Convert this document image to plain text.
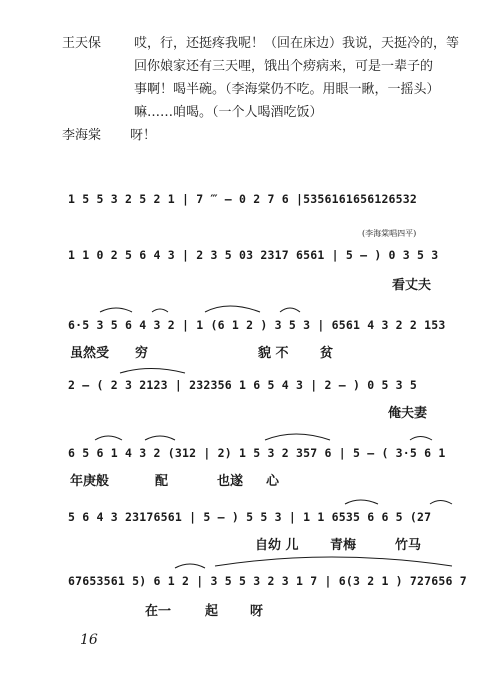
王天保	哎，行，还挺疼我呢！（回在床边）我说，天挺冷的，等
回你娘家还有三天哩，饿出个痨病来，可是一辈子的
事啊！喝半碗。（李海棠仍不吃。用眼一瞅，一摇头）
嘛……咱喝。（一个人喝酒吃饭）
李海棠 呀！
1 5 5 3 2 5 2 1 | 7 ‴ — 0 2 7 6 |5356161656126532
(李海棠唱四平)
1 1 0 2 5 6 4 3 | 2 3 5 03 2317 6561 | 5 — ) 0 3 5 3
看丈夫
6·5 3 5 6 4 3 2 | 1 (6 1 2 ) 3 5 3 | 6561 4 3 2 2 153
虽然受 穷	貌 不 贫
2 — ( 2 3 2123 | 232356 1 6 5 4 3 | 2 — ) 0 5 3 5
俺夫妻
6 5 6 1 4 3 2 (312 | 2) 1 5 3 2 357 6 | 5 — ( 3·5 6 1
年庚般	配	也遂 心
5 6 4 3 23176561 | 5 — ) 5 5 3 | 1 1 6535 6 6 5 (27
自幼 儿 青梅	竹马
67653561 5) 6 1 2 | 3 5 5 3 2 3 1 7 | 6(3 2 1 ) 727656 7
在一	起 呀
16
